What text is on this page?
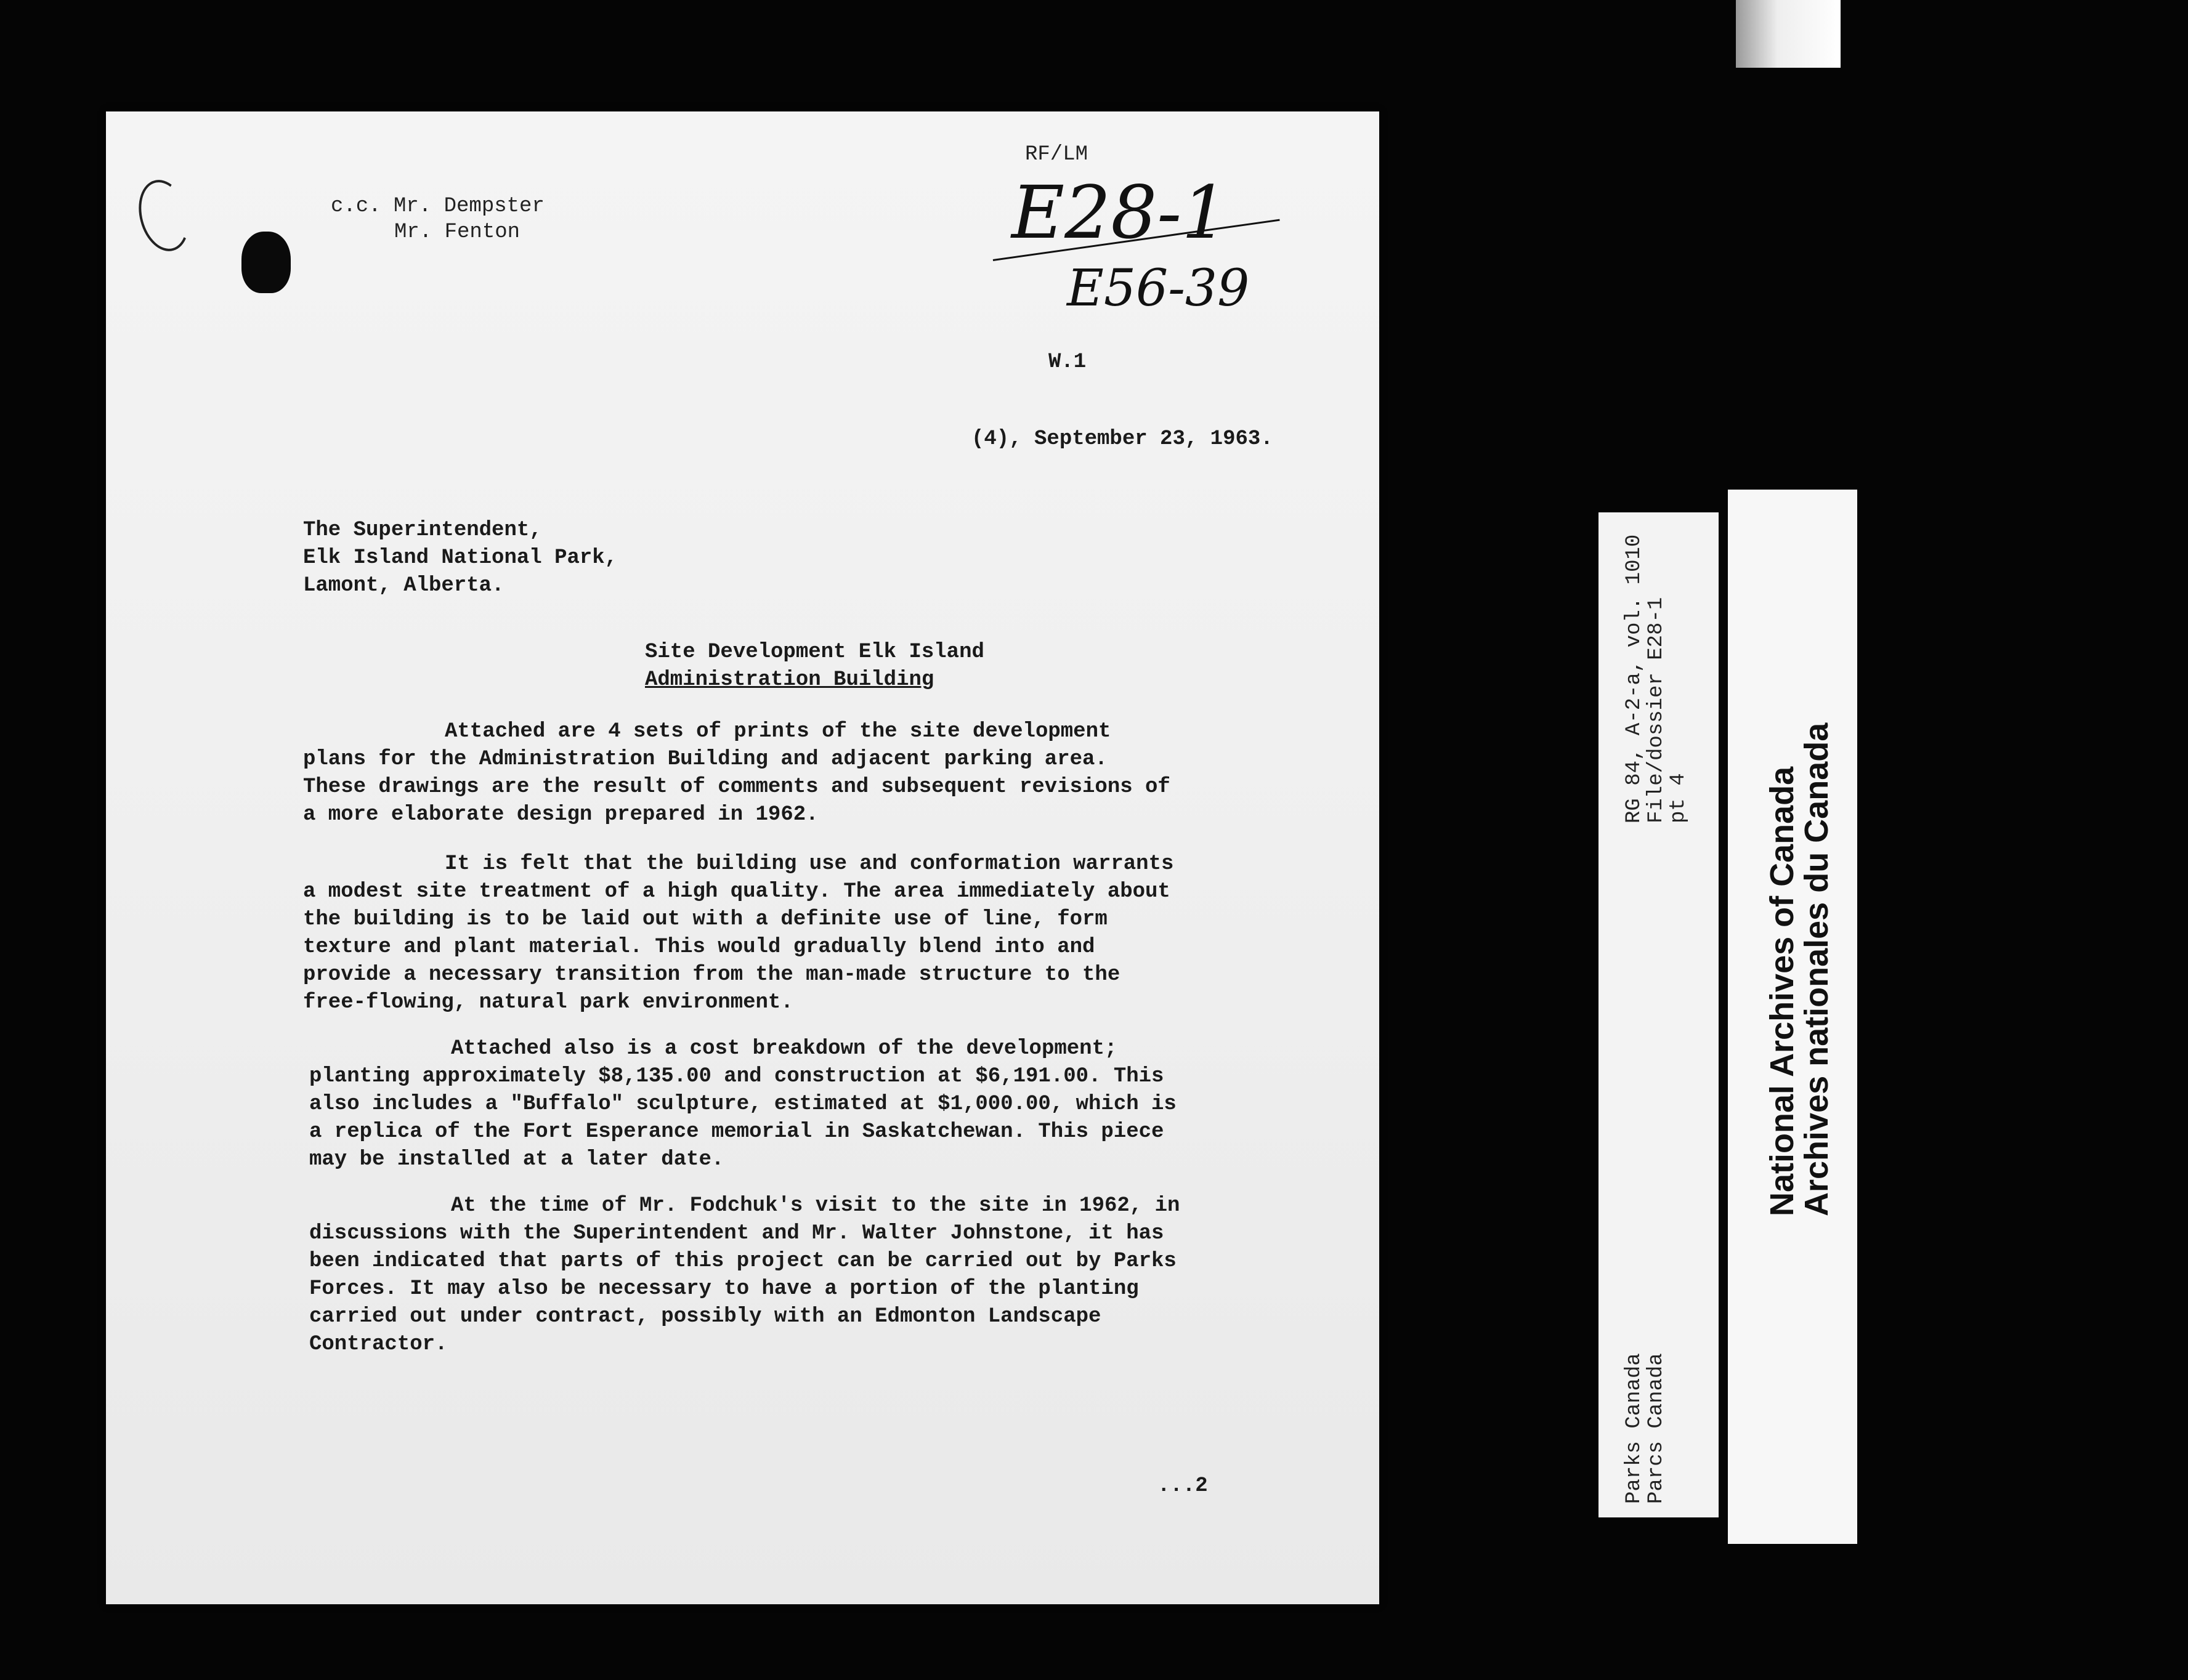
c.c. Mr. Dempster
Mr. Fenton
RF/LM
E28-1
E56-39
W.1
(4), September 23, 1963.
The Superintendent,
Elk Island National Park,
Lamont, Alberta.
Site Development Elk Island
Administration Building
Attached are 4 sets of prints of the site development plans for the Administration Building and adjacent parking area. These drawings are the result of comments and subsequent revisions of a more elaborate design prepared in 1962.
It is felt that the building use and conformation warrants a modest site treatment of a high quality. The area immediately about the building is to be laid out with a definite use of line, form texture and plant material. This would gradually blend into and provide a necessary transition from the man-made structure to the free-flowing, natural park environment.
Attached also is a cost breakdown of the development; planting approximately $8,135.00 and construction at $6,191.00. This also includes a "Buffalo" sculpture, estimated at $1,000.00, which is a replica of the Fort Esperance memorial in Saskatchewan. This piece may be installed at a later date.
At the time of Mr. Fodchuk's visit to the site in 1962, in discussions with the Superintendent and Mr. Walter Johnstone, it has been indicated that parts of this project can be carried out by Parks Forces. It may also be necessary to have a portion of the planting carried out under contract, possibly with an Edmonton Landscape Contractor.
...2
RG 84, A-2-a, vol. 1010
File/dossier E28-1
pt 4
Parks Canada
Parcs Canada
National Archives of Canada
Archives nationales du Canada
